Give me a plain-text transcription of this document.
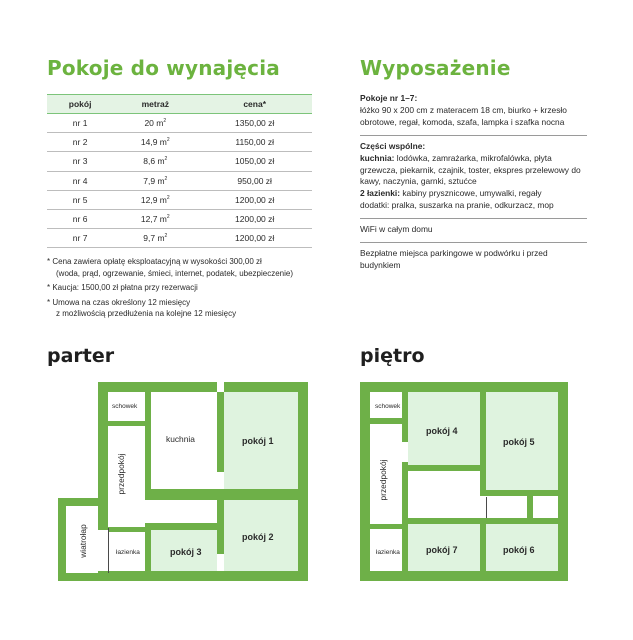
Pokoje do wynajęcia
pokój	metraż	cena*
nr 1	20 $m^2$	1350,00 zł
nr 2	14,9 $m^2$	1150,00 zł
nr 3	8,6 $m^2$	1050,00 zł
nr 4	7,9 $m^2$	950,00 zł
nr 5	12,9 $m^2$	1200,00 zł
nr 6	12,7 $m^2$	1200,00 zł
nr 7	9,7 $m^2$	1200,00 zł

* Cena zawiera opłatę eksploatacyjną w wysokości 300,00 zł
(woda, prąd, ogrzewanie, śmieci, internet, podatek, ubezpieczenie)

* Kaucja: 1500,00 zł płatna przy rezerwacji

* Umowa na czas określony 12 miesięcy
z możliwością przedłużenia na kolejne 12 miesięcy

Wyposażenie

Pokoje nr 1–7:
łóżko 90 x 200 cm z materacem 18 cm, biurko + krzesło obrotowe, regał, komoda, szafa, lampka i szafka nocna

Części wspólne:
kuchnia: lodówka, zamrażarka, mikrofalówka, płyta grzewcza, piekarnik, czajnik, toster, ekspres przelewowy do kawy, naczynia, garnki, sztućce
2 łazienki: kabiny prysznicowe, umywalki, regały
dodatki: pralka, suszarka na pranie, odkurzacz, mop

WiFi w całym domu

Bezpłatne miejsca parkingowe w podwórku i przed budynkiem

parter
schowek
kuchnia	pokój 1
przedpokój
pokój 2
wiatrołap	łazienka	pokój 3
piętro
schowek
pokój 4
pokój 5
przedpokój
łazienka	pokój 7	pokój 6
